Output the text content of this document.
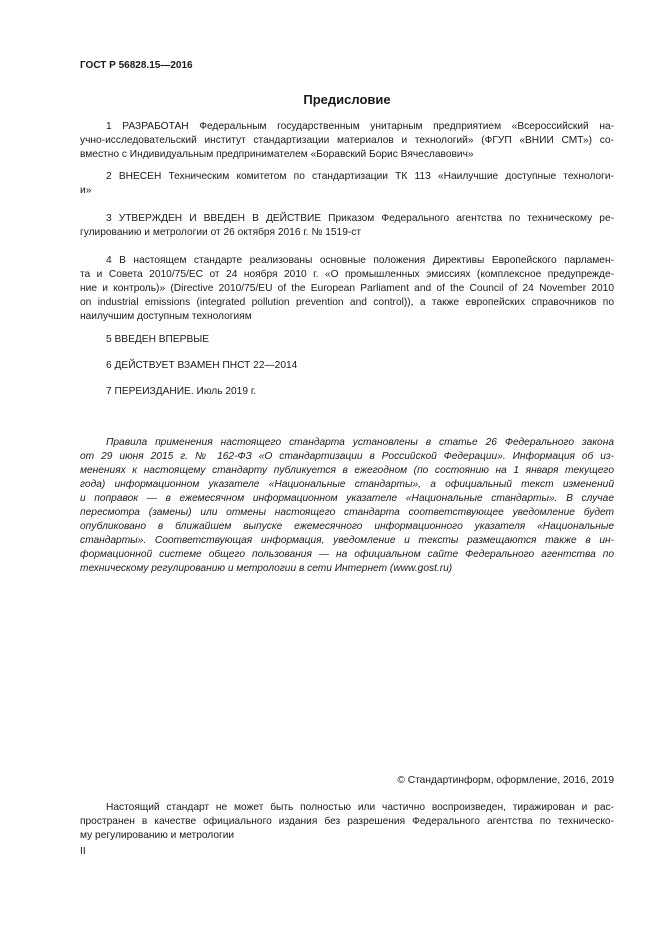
ГОСТ Р 56828.15—2016
Предисловие

1 РАЗРАБОТАН Федеральным государственным унитарным предприятием «Всероссийский на-
учно-исследовательский институт стандартизации материалов и технологий» (ФГУП «ВНИИ СМТ») со-
вместно с Индивидуальным предпринимателем «Боравский Борис Вячеславович»

2 ВНЕСЕН Техническим комитетом по стандартизации ТК 113 «Наилучшие доступные технологи-
и»

3 УТВЕРЖДЕН И ВВЕДЕН В ДЕЙСТВИЕ Приказом Федерального агентства по техническому ре-
гулированию и метрологии от 26 октября 2016 г. № 1519-ст

4 В настоящем стандарте реализованы основные положения Директивы Европейского парламен-
та и Совета 2010/75/ЕС от 24 ноября 2010 г. «О промышленных эмиссиях (комплексное предупрежде-
ние и контроль)» (Directive 2010/75/EU of the European Parliament and of the Council of 24 November 2010
on industrial emissions (integrated pollution prevention and control)), а также европейских справочников по
наилучшим доступным технологиям

5 ВВЕДЕН ВПЕРВЫЕ

6 ДЕЙСТВУЕТ ВЗАМЕН ПНСТ 22—2014

7 ПЕРЕИЗДАНИЕ. Июль 2019 г.

Правила применения настоящего стандарта установлены в статье 26 Федерального закона
от 29 июня 2015 г. № 162-ФЗ «О стандартизации в Российской Федерации». Информация об из-
менениях к настоящему стандарту публикуется в ежегодном (по состоянию на 1 января текущего
года) информационном указателе «Национальные стандарты», а официальный текст изменений
и поправок — в ежемесячном информационном указателе «Национальные стандарты». В случае
пересмотра (замены) или отмены настоящего стандарта соответствующее уведомление будет
опубликовано в ближайшем выпуске ежемесячного информационного указателя «Национальные
стандарты». Соответствующая информация, уведомление и тексты размещаются также в ин-
формационной системе общего пользования — на официальном сайте Федерального агентства по
техническому регулированию и метрологии в сети Интернет (www.gost.ru)

© Стандартинформ, оформление, 2016, 2019

Настоящий стандарт не может быть полностью или частично воспроизведен, тиражирован и рас-
пространен в качестве официального издания без разрешения Федерального агентства по техническо-
му регулированию и метрологии

II
